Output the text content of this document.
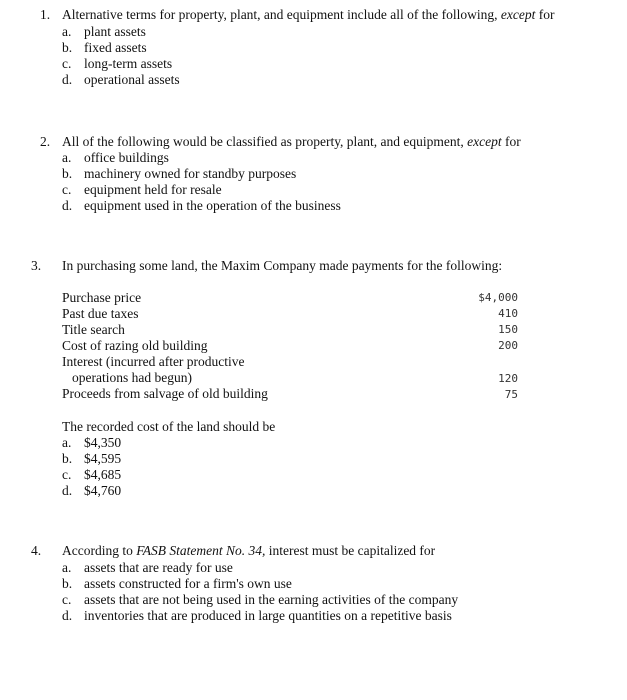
1. Alternative terms for property, plant, and equipment include all of the following, except for
a. plant assets
b. fixed assets
c. long-term assets
d. operational assets
2. All of the following would be classified as property, plant, and equipment, except for
a. office buildings
b. machinery owned for standby purposes
c. equipment held for resale
d. equipment used in the operation of the business
3. In purchasing some land, the Maxim Company made payments for the following:
Purchase price	$4,000
Past due taxes	410
Title search	150
Cost of razing old building	200
Interest (incurred after productive
operations had begun)	120
Proceeds from salvage of old building	75
The recorded cost of the land should be
a. $4,350
b. $4,595
c. $4,685
d. $4,760
4. According to FASB Statement No. 34, interest must be capitalized for
a. assets that are ready for use
b. assets constructed for a firm's own use
c. assets that are not being used in the earning activities of the company
d. inventories that are produced in large quantities on a repetitive basis
